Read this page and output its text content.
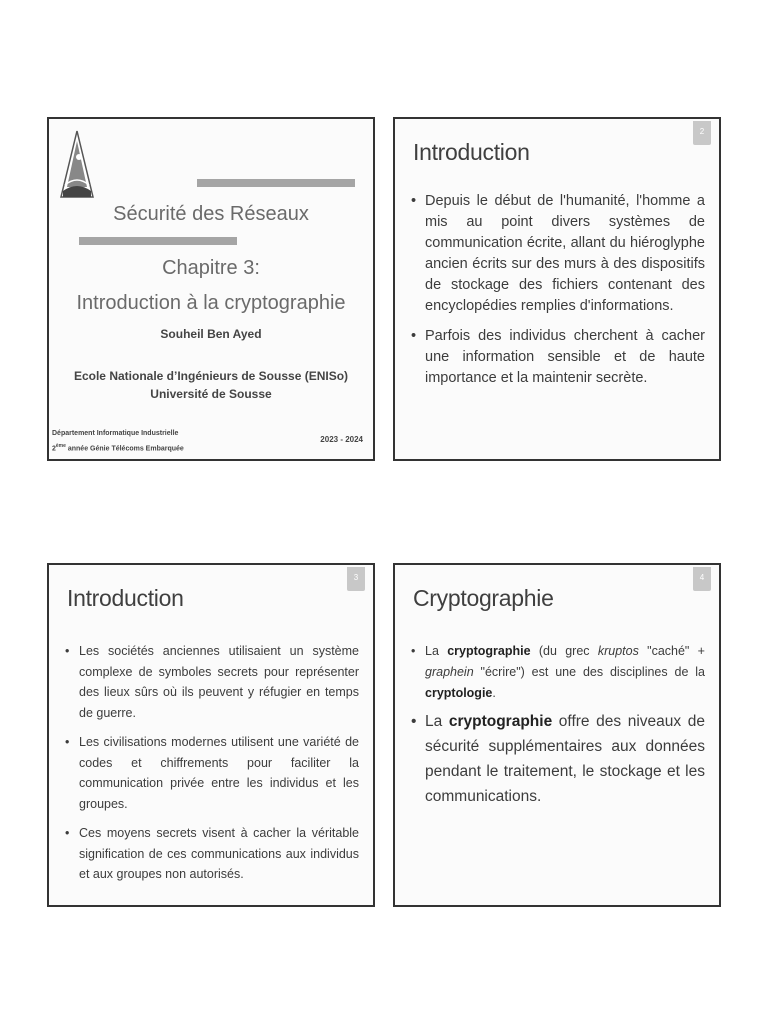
Sécurité des Réseaux
Chapitre 3:
Introduction à la cryptographie

Souheil Ben Ayed

Ecole Nationale d’Ingénieurs de Sousse (ENISo)

Université de Sousse

Département Informatique Industrielle
2ème année Génie Télécoms Embarquée
2023 - 2024
2
Introduction
• Depuis le début de l'humanité, l'homme a mis au point divers systèmes de communication écrite, allant du hiéroglyphe ancien écrits sur des murs à des dispositifs de stockage des fichiers contenant des encyclopédies remplies d'informations.
• Parfois des individus cherchent à cacher une information sensible et de haute importance et la maintenir secrète.
3
Introduction
• Les sociétés anciennes utilisaient un système complexe de symboles secrets pour représenter des lieux sûrs où ils peuvent y réfugier en temps de guerre.
• Les civilisations modernes utilisent une variété de codes et chiffrements pour faciliter la communication privée entre les individus et les groupes.
• Ces moyens secrets visent à cacher la véritable signification de ces communications aux individus et aux groupes non autorisés.
4
Cryptographie
• La cryptographie (du grec kruptos "caché" + graphein "écrire") est une des disciplines de la cryptologie.
• La cryptographie offre des niveaux de sécurité supplémentaires aux données pendant le traitement, le stockage et les communications.
